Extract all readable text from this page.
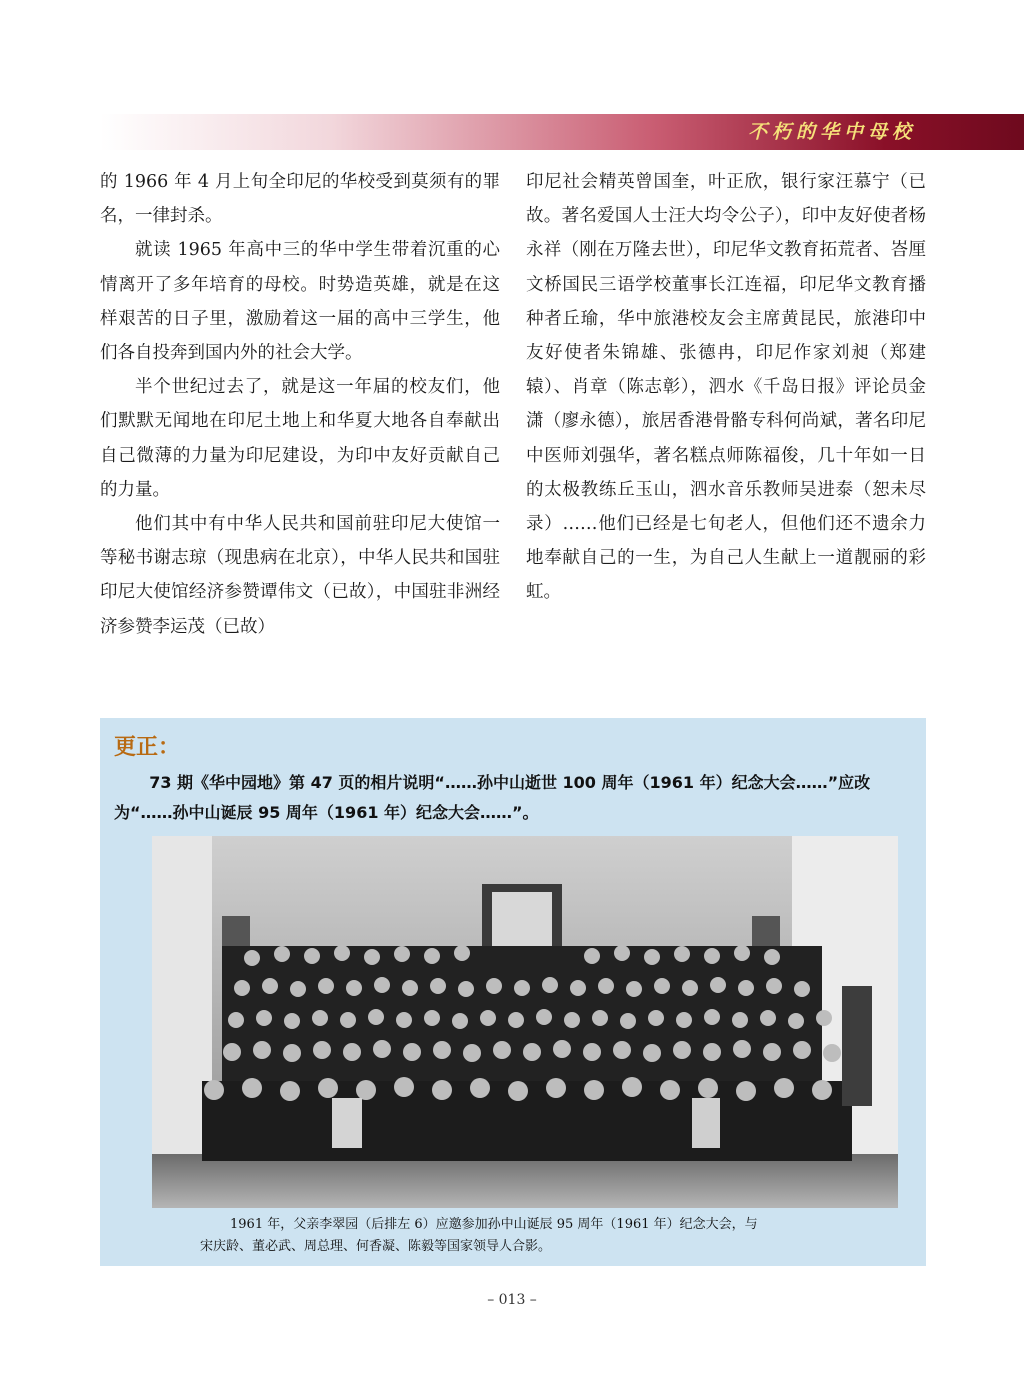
不朽的华中母校

的 1966 年 4 月上旬全印尼的华校受到莫须有的罪名，一律封杀。

就读 1965 年高中三的华中学生带着沉重的心情离开了多年培育的母校。时势造英雄，就是在这样艰苦的日子里，激励着这一届的高中三学生，他们各自投奔到国内外的社会大学。

半个世纪过去了，就是这一年届的校友们，他们默默无闻地在印尼土地上和华夏大地各自奉献出自己微薄的力量为印尼建设，为印中友好贡献自己的力量。

他们其中有中华人民共和国前驻印尼大使馆一等秘书谢志琼（现患病在北京），中华人民共和国驻印尼大使馆经济参赞谭伟文（已故），中国驻非洲经济参赞李运茂（已故）

印尼社会精英曾国奎，叶正欣，银行家汪慕宁（已故。著名爱国人士汪大均令公子），印中友好使者杨永祥（刚在万隆去世），印尼华文教育拓荒者、峇厘文桥国民三语学校董事长江连福，印尼华文教育播种者丘瑜，华中旅港校友会主席黄昆民，旅港印中友好使者朱锦雄、张德冉，印尼作家刘昶（郑建辕）、肖章（陈志彰），泗水《千岛日报》评论员金潇（廖永德），旅居香港骨骼专科何尚斌，著名印尼中医师刘强华，著名糕点师陈福俊，几十年如一日的太极教练丘玉山，泗水音乐教师吴进泰（恕未尽录）……他们已经是七旬老人，但他们还不遗余力地奉献自己的一生，为自己人生献上一道靓丽的彩虹。

更正：
73 期《华中园地》第 47 页的相片说明“……孙中山逝世 100 周年（1961 年）纪念大会……”应改为“……孙中山诞辰 95 周年（1961 年）纪念大会……”。
1961 年，父亲李翠园（后排左 6）应邀参加孙中山诞辰 95 周年（1961 年）纪念大会，与
宋庆龄、董必武、周总理、何香凝、陈毅等国家领导人合影。
– 013 –
